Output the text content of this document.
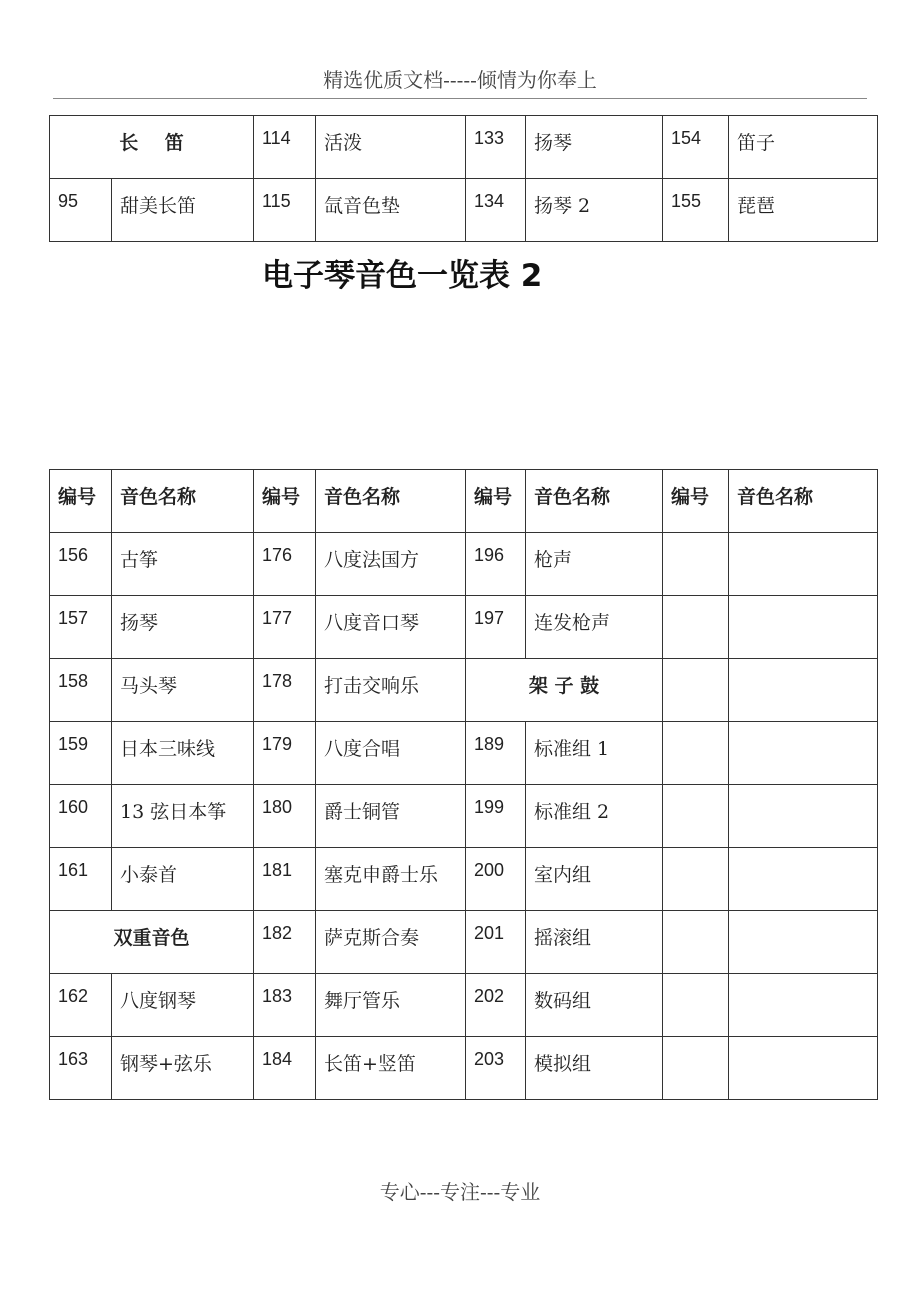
精选优质文档-----倾情为你奉上
长    笛		114	活泼	133	扬琴	154	笛子
95	甜美长笛	115	氙音色垫	134	扬琴 2	155	琵琶
电子琴音色一览表 2
编号	音色名称	编号	音色名称	编号	音色名称	编号	音色名称
156	古筝	176	八度法国方	196	枪声		
157	扬琴	177	八度音口琴	197	连发枪声		
158	马头琴	178	打击交响乐	架 子 鼓			
159	日本三味线	179	八度合唱	189	标准组 1		
160	13 弦日本筝	180	爵士铜管	199	标准组 2		
161	小泰首	181	塞克申爵士乐	200	室内组		
双重音色		182	萨克斯合奏	201	摇滚组		
162	八度钢琴	183	舞厅管乐	202	数码组		
163	钢琴+弦乐	184	长笛+竖笛	203	模拟组		
专心---专注---专业
